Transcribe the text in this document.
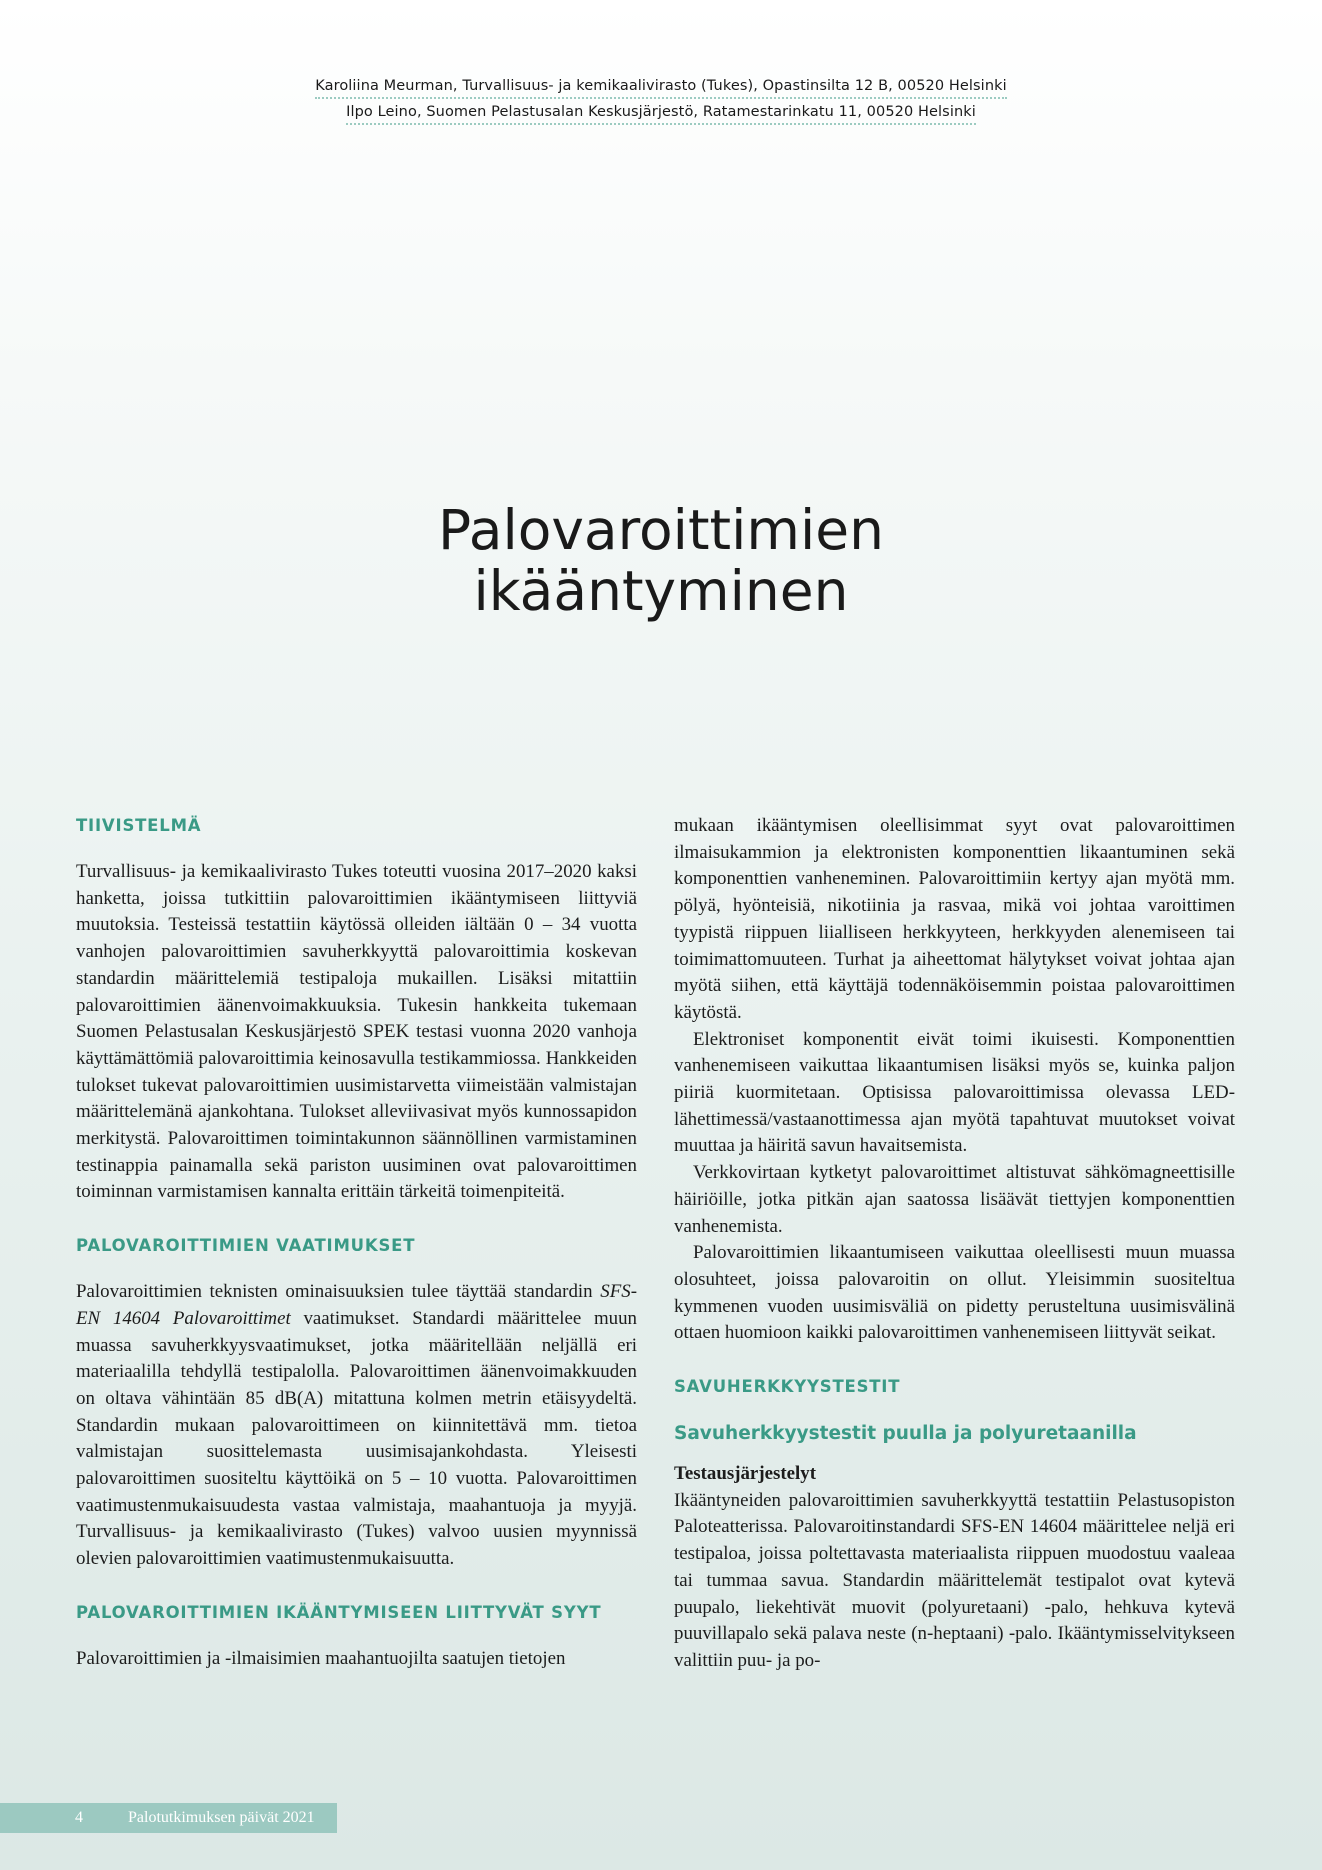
Karoliina Meurman, Turvallisuus- ja kemikaalivirasto (Tukes), Opastinsilta 12 B, 00520 Helsinki
Ilpo Leino, Suomen Pelastusalan Keskusjärjestö, Ratamestarinkatu 11, 00520 Helsinki
Palovaroittimien
ikääntyminen
TIIVISTELMÄ

Turvallisuus- ja kemikaalivirasto Tukes toteutti vuosina 2017–2020 kaksi hanketta, joissa tutkittiin palovaroittimien ikääntymiseen liittyviä muutoksia. Testeissä testattiin käytössä olleiden iältään 0 – 34 vuotta vanhojen palovaroittimien savuherkkyyttä palovaroittimia koskevan standardin määrittelemiä testipaloja mukaillen. Lisäksi mitattiin palovaroittimien äänenvoimakkuuksia. Tukesin hankkeita tukemaan Suomen Pelastusalan Keskusjärjestö SPEK testasi vuonna 2020 vanhoja käyttämättömiä palovaroittimia keinosavulla testikammiossa. Hankkeiden tulokset tukevat palovaroittimien uusimistarvetta viimeistään valmistajan määrittelemänä ajankohtana. Tulokset alleviivasivat myös kunnossapidon merkitystä. Palovaroittimen toimintakunnon säännöllinen varmistaminen testinappia painamalla sekä pariston uusiminen ovat palovaroittimen toiminnan varmistamisen kannalta erittäin tärkeitä toimenpiteitä.

PALOVAROITTIMIEN VAATIMUKSET

Palovaroittimien teknisten ominaisuuksien tulee täyttää standardin SFS-EN 14604 Palovaroittimet vaatimukset. Standardi määrittelee muun muassa savuherkkyysvaatimukset, jotka määritellään neljällä eri materiaalilla tehdyllä testipalolla. Palovaroittimen äänenvoimakkuuden on oltava vähintään 85 dB(A) mitattuna kolmen metrin etäisyydeltä. Standardin mukaan palovaroittimeen on kiinnitettävä mm. tietoa valmistajan suosittelemasta uusimisajankohdasta. Yleisesti palovaroittimen suositeltu käyttöikä on 5 – 10 vuotta. Palovaroittimen vaatimustenmukaisuudesta vastaa valmistaja, maahantuoja ja myyjä. Turvallisuus- ja kemikaalivirasto (Tukes) valvoo uusien myynnissä olevien palovaroittimien vaatimustenmukaisuutta.

PALOVAROITTIMIEN IKÄÄNTYMISEEN LIITTYVÄT SYYT

Palovaroittimien ja -ilmaisimien maahantuojilta saatujen tietojen

mukaan ikääntymisen oleellisimmat syyt ovat palovaroittimen ilmaisukammion ja elektronisten komponenttien likaantuminen sekä komponenttien vanheneminen. Palovaroittimiin kertyy ajan myötä mm. pölyä, hyönteisiä, nikotiinia ja rasvaa, mikä voi johtaa varoittimen tyypistä riippuen liialliseen herkkyyteen, herkkyyden alenemiseen tai toimimattomuuteen. Turhat ja aiheettomat hälytykset voivat johtaa ajan myötä siihen, että käyttäjä todennäköisemmin poistaa palovaroittimen käytöstä.

Elektroniset komponentit eivät toimi ikuisesti. Komponenttien vanhenemiseen vaikuttaa likaantumisen lisäksi myös se, kuinka paljon piiriä kuormitetaan. Optisissa palovaroittimissa olevassa LED-lähettimessä/vastaanottimessa ajan myötä tapahtuvat muutokset voivat muuttaa ja häiritä savun havaitsemista.

Verkkovirtaan kytketyt palovaroittimet altistuvat sähkömagneettisille häiriöille, jotka pitkän ajan saatossa lisäävät tiettyjen komponenttien vanhenemista.

Palovaroittimien likaantumiseen vaikuttaa oleellisesti muun muassa olosuhteet, joissa palovaroitin on ollut. Yleisimmin suositeltua kymmenen vuoden uusimisväliä on pidetty perusteltuna uusimisvälinä ottaen huomioon kaikki palovaroittimen vanhenemiseen liittyvät seikat.

SAVUHERKKYYSTESTIT
Savuherkkyystestit puulla ja polyuretaanilla
Testausjärjestelyt

Ikääntyneiden palovaroittimien savuherkkyyttä testattiin Pelastusopiston Paloteatterissa. Palovaroitinstandardi SFS-EN 14604 määrittelee neljä eri testipaloa, joissa poltettavasta materiaalista riippuen muodostuu vaaleaa tai tummaa savua. Standardin määrittelemät testipalot ovat kytevä puupalo, liekehtivät muovit (polyuretaani) -palo, hehkuva kytevä puuvillapalo sekä palava neste (n-heptaani) -palo. Ikääntymisselvitykseen valittiin puu- ja po-

4	Palotutkimuksen päivät 2021
